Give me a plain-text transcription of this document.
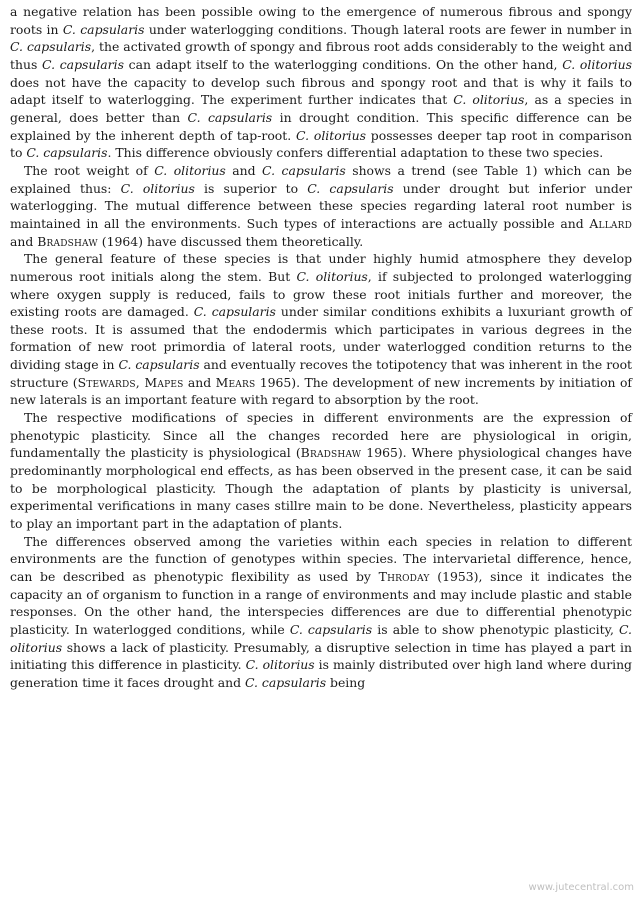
a negative relation has been possible owing to the emergence of numerous fibrous and spongy roots in C. capsularis under waterlogging conditions. Though lateral roots are fewer in number in C. capsularis, the activated growth of spongy and fibrous root adds considerably to the weight and thus C. capsularis can adapt itself to the waterlogging conditions. On the other hand, C. olitorius does not have the capacity to develop such fibrous and spongy root and that is why it fails to adapt itself to waterlogging. The experiment further indicates that C. olitorius, as a species in general, does better than C. capsularis in drought condition. This specific difference can be explained by the inherent depth of tap-root. C. olitorius possesses deeper tap root in comparison to C. capsularis. This difference obviously confers differential adaptation to these two species.

The root weight of C. olitorius and C. capsularis shows a trend (see Table 1) which can be explained thus: C. olitorius is superior to C. capsularis under drought but inferior under waterlogging. The mutual difference between these species regarding lateral root number is maintained in all the environments. Such types of interactions are actually possible and Allard and Bradshaw (1964) have discussed them theoretically.

The general feature of these species is that under highly humid atmosphere they develop numerous root initials along the stem. But C. olitorius, if subjected to prolonged waterlogging where oxygen supply is reduced, fails to grow these root initials further and moreover, the existing roots are damaged. C. capsularis under similar conditions exhibits a luxuriant growth of these roots. It is assumed that the endodermis which participates in various degrees in the formation of new root primordia of lateral roots, under waterlogged condition returns to the dividing stage in C. capsularis and eventually recoves the totipotency that was inherent in the root structure (Stewards, Mapes and Mears 1965). The development of new increments by initiation of new laterals is an important feature with regard to absorption by the root.

The respective modifications of species in different environments are the expression of phenotypic plasticity. Since all the changes recorded here are physiological in origin, fundamentally the plasticity is physiological (Bradshaw 1965). Where physiological changes have predominantly morphological end effects, as has been observed in the present case, it can be said to be morphological plasticity. Though the adaptation of plants by plasticity is universal, experimental verifications in many cases stillre main to be done. Nevertheless, plasticity appears to play an important part in the adaptation of plants.

The differences observed among the varieties within each species in relation to different environments are the function of genotypes within species. The intervarietal difference, hence, can be described as phenotypic flexibility as used by Throday (1953), since it indicates the capacity an of organism to function in a range of environments and may include plastic and stable responses. On the other hand, the interspecies differences are due to differential phenotypic plasticity. In waterlogged conditions, while C. capsularis is able to show phenotypic plasticity, C. olitorius shows a lack of plasticity. Presumably, a disruptive selection in time has played a part in initiating this difference in plasticity. C. olitorius is mainly distributed over high land where during generation time it faces drought and C. capsularis being

www.jutecentral.com
